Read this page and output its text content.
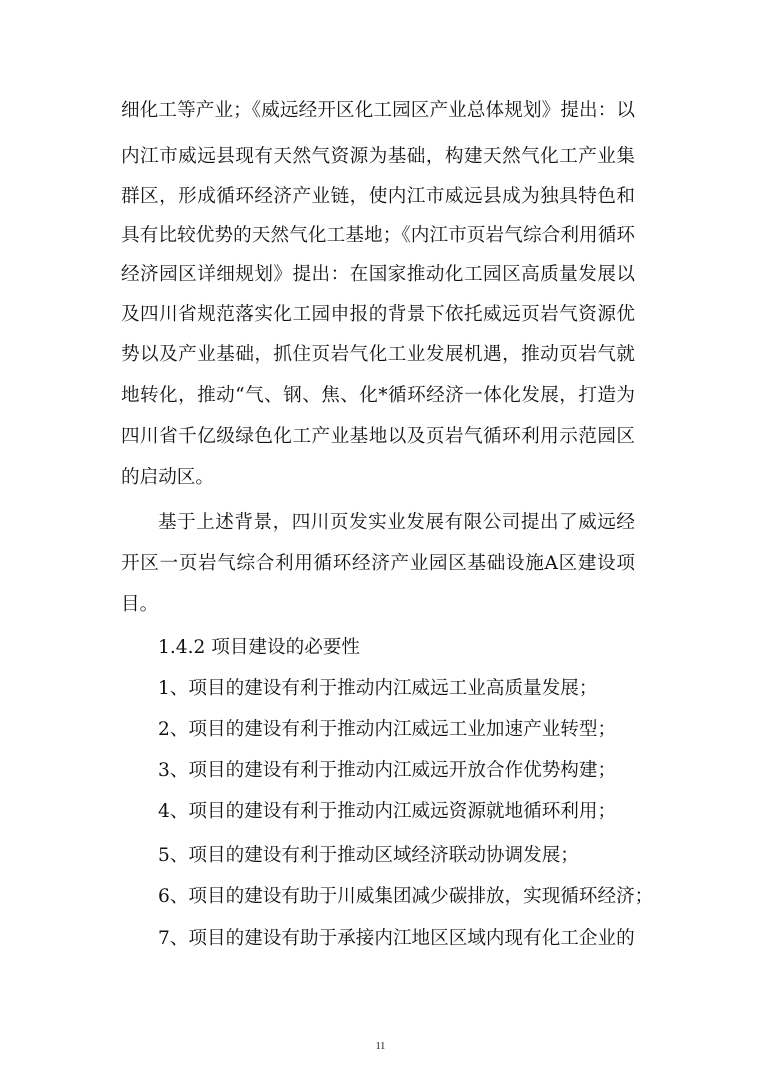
细化工等产业；《威远经开区化工园区产业总体规划》提出：以
内江市威远县现有天然气资源为基础，构建天然气化工产业集
群区，形成循环经济产业链，使内江市威远县成为独具特色和
具有比较优势的天然气化工基地；《内江市页岩气综合利用循环
经济园区详细规划》提出：在国家推动化工园区高质量发展以
及四川省规范落实化工园申报的背景下依托威远页岩气资源优
势以及产业基础，抓住页岩气化工业发展机遇，推动页岩气就
地转化，推动“气、钢、焦、化*循环经济一体化发展，打造为
四川省千亿级绿色化工产业基地以及页岩气循环利用示范园区
的启动区。
基于上述背景，四川页发实业发展有限公司提出了威远经
开区一页岩气综合利用循环经济产业园区基础设施A区建设项
目。
1.4.2 项目建设的必要性
1、项目的建设有利于推动内江威远工业高质量发展；
2、项目的建设有利于推动内江威远工业加速产业转型；
3、项目的建设有利于推动内江威远开放合作优势构建；
4、项目的建设有利于推动内江威远资源就地循环利用；
5、项目的建设有利于推动区域经济联动协调发展；
6、项目的建设有助于川威集团减少碳排放，实现循环经济；
7、项目的建设有助于承接内江地区区域内现有化工企业的
11
